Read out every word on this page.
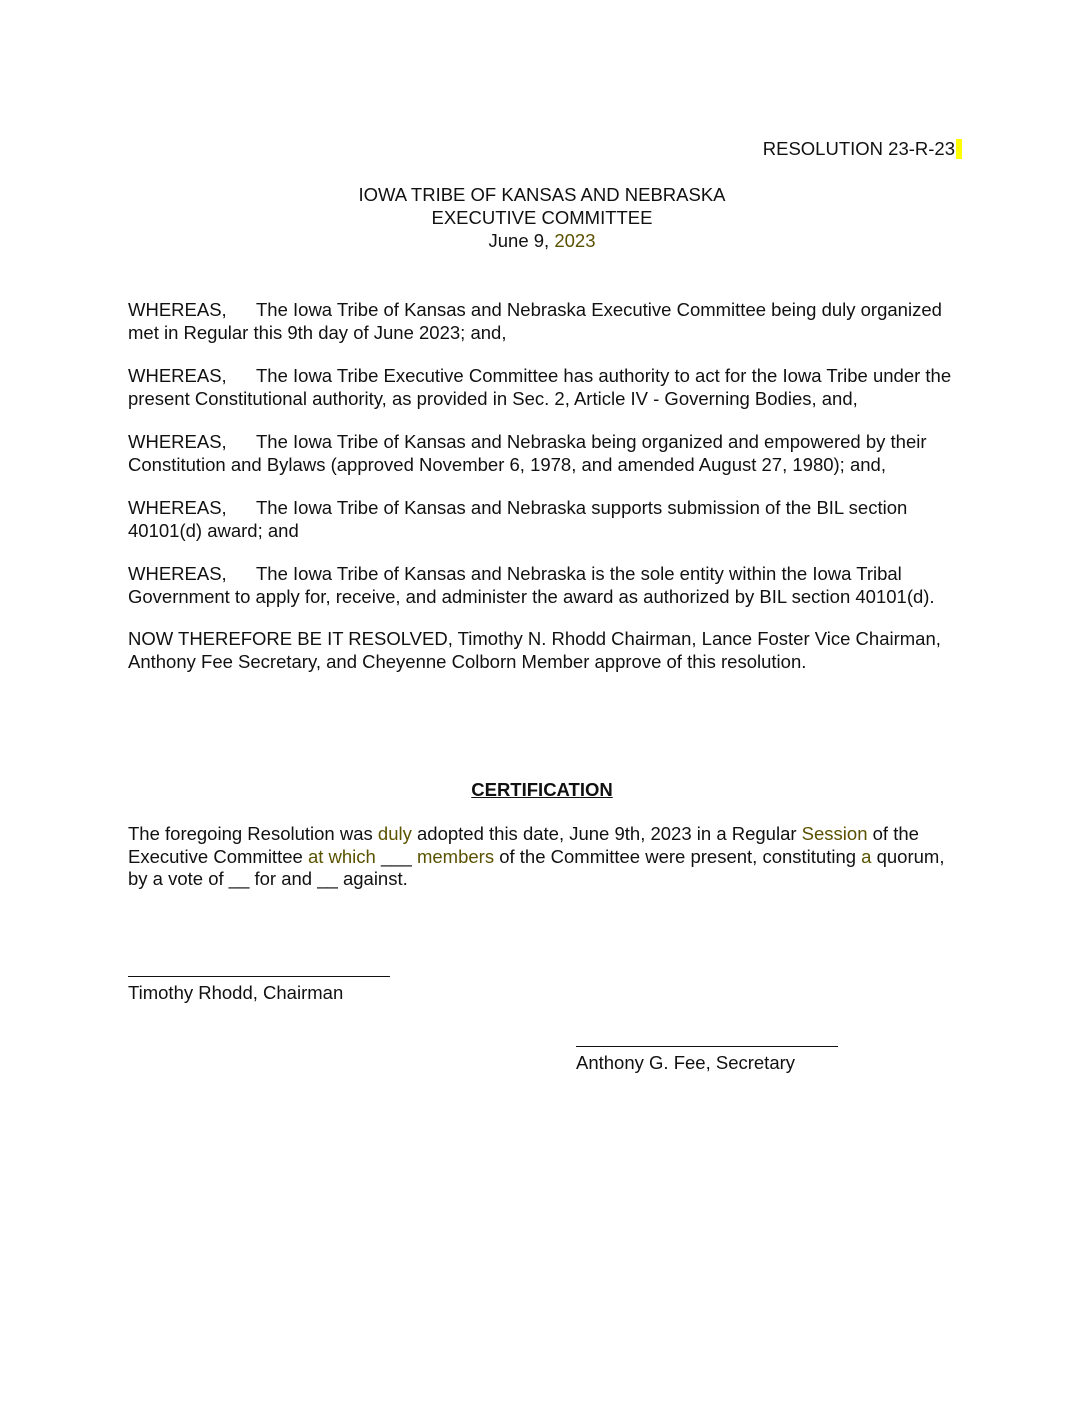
RESOLUTION 23-R-23
IOWA TRIBE OF KANSAS AND NEBRASKA
EXECUTIVE COMMITTEE
June 9, 2023

WHEREAS, The Iowa Tribe of Kansas and Nebraska Executive Committee being duly organized met in Regular this 9th day of June 2023; and,

WHEREAS, The Iowa Tribe Executive Committee has authority to act for the Iowa Tribe under the present Constitutional authority, as provided in Sec. 2, Article IV - Governing Bodies, and,

WHEREAS, The Iowa Tribe of Kansas and Nebraska being organized and empowered by their Constitution and Bylaws (approved November 6, 1978, and amended August 27, 1980); and,

WHEREAS, The Iowa Tribe of Kansas and Nebraska supports submission of the BIL section 40101(d) award; and

WHEREAS, The Iowa Tribe of Kansas and Nebraska is the sole entity within the Iowa Tribal Government to apply for, receive, and administer the award as authorized by BIL section 40101(d).

NOW THEREFORE BE IT RESOLVED, Timothy N. Rhodd Chairman, Lance Foster Vice Chairman, Anthony Fee Secretary, and Cheyenne Colborn Member approve of this resolution.

CERTIFICATION
The foregoing Resolution was duly adopted this date, June 9th, 2023 in a Regular Session of the Executive Committee at which ___ members of the Committee were present, constituting a quorum, by a vote of __ for and __ against.
Timothy Rhodd, Chairman
Anthony G. Fee, Secretary
